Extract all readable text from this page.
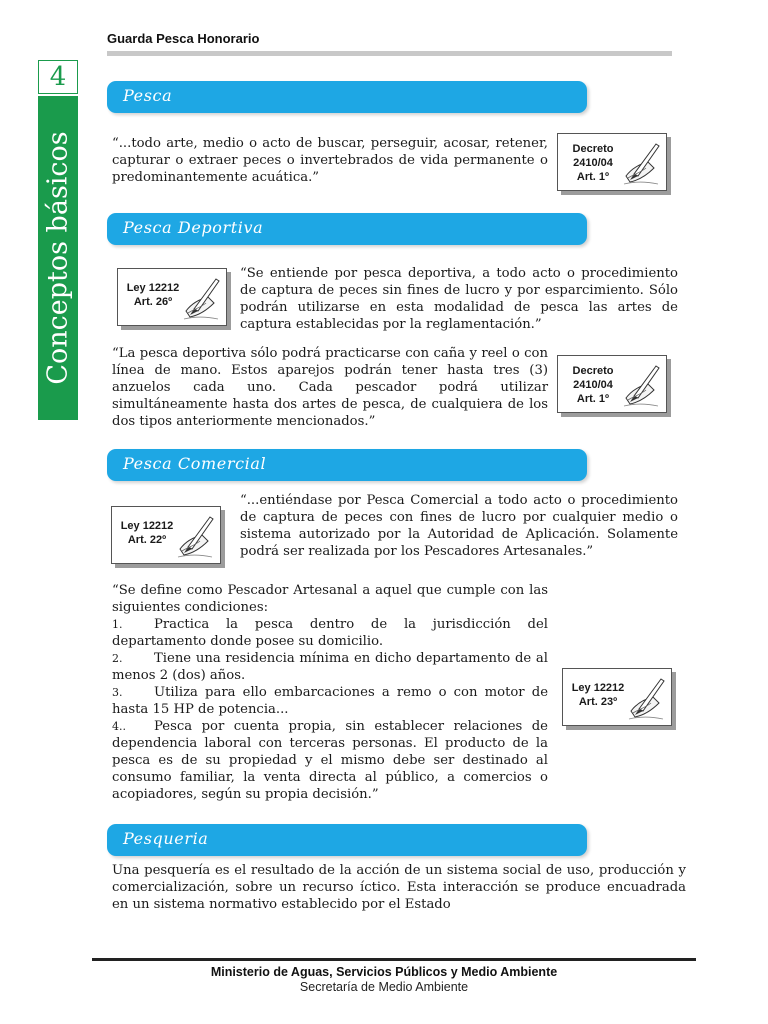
Guarda Pesca Honorario
4
Conceptos básicos
Pesca

“...todo arte, medio o acto de buscar, perseguir, acosar, retener, capturar o extraer peces o invertebrados de vida permanente o predominantemente acuática.”

Decreto
2410/04
Art. 1º
Pesca Deportiva
Ley 12212
Art. 26º

“Se entiende por pesca deportiva, a todo acto o procedimiento de captura de peces sin fines de lucro y por esparcimiento. Sólo podrán utilizarse en esta modalidad de pesca las artes de captura establecidas por la reglamentación.”

“La pesca deportiva sólo podrá practicarse con caña y reel o con línea de mano. Estos aparejos podrán tener hasta tres (3) anzuelos cada uno. Cada pescador podrá utilizar simultáneamente hasta dos artes de pesca, de cualquiera de los dos tipos anteriormente mencionados.”

Decreto
2410/04
Art. 1º
Pesca Comercial
Ley 12212
Art. 22º

“...entiéndase por Pesca Comercial a todo acto o procedimiento de captura de peces con fines de lucro por cualquier medio o sistema autorizado por la Autoridad de Aplicación. Solamente podrá ser realizada por los Pescadores Artesanales.”

“Se define como Pescador Artesanal a aquel que cumple con las siguientes condiciones:
1. Practica la pesca dentro de la jurisdicción del departamento donde posee su domicilio.
2. Tiene una residencia mínima en dicho departamento de al menos 2 (dos) años.
3. Utiliza para ello embarcaciones a remo o con motor de hasta 15 HP de potencia...
4.. Pesca por cuenta propia, sin establecer relaciones de dependencia laboral con terceras personas. El producto de la pesca es de su propiedad y el mismo debe ser destinado al consumo familiar, la venta directa al público, a comercios o acopiadores, según su propia decisión.”
Ley 12212
Art. 23º
Pesqueria

Una pesquería es el resultado de la acción de un sistema social de uso, producción y comercialización, sobre un recurso íctico. Esta interacción se produce encuadrada en un sistema normativo establecido por el Estado

Ministerio de Aguas, Servicios Públicos y Medio Ambiente
Secretaría de Medio Ambiente
